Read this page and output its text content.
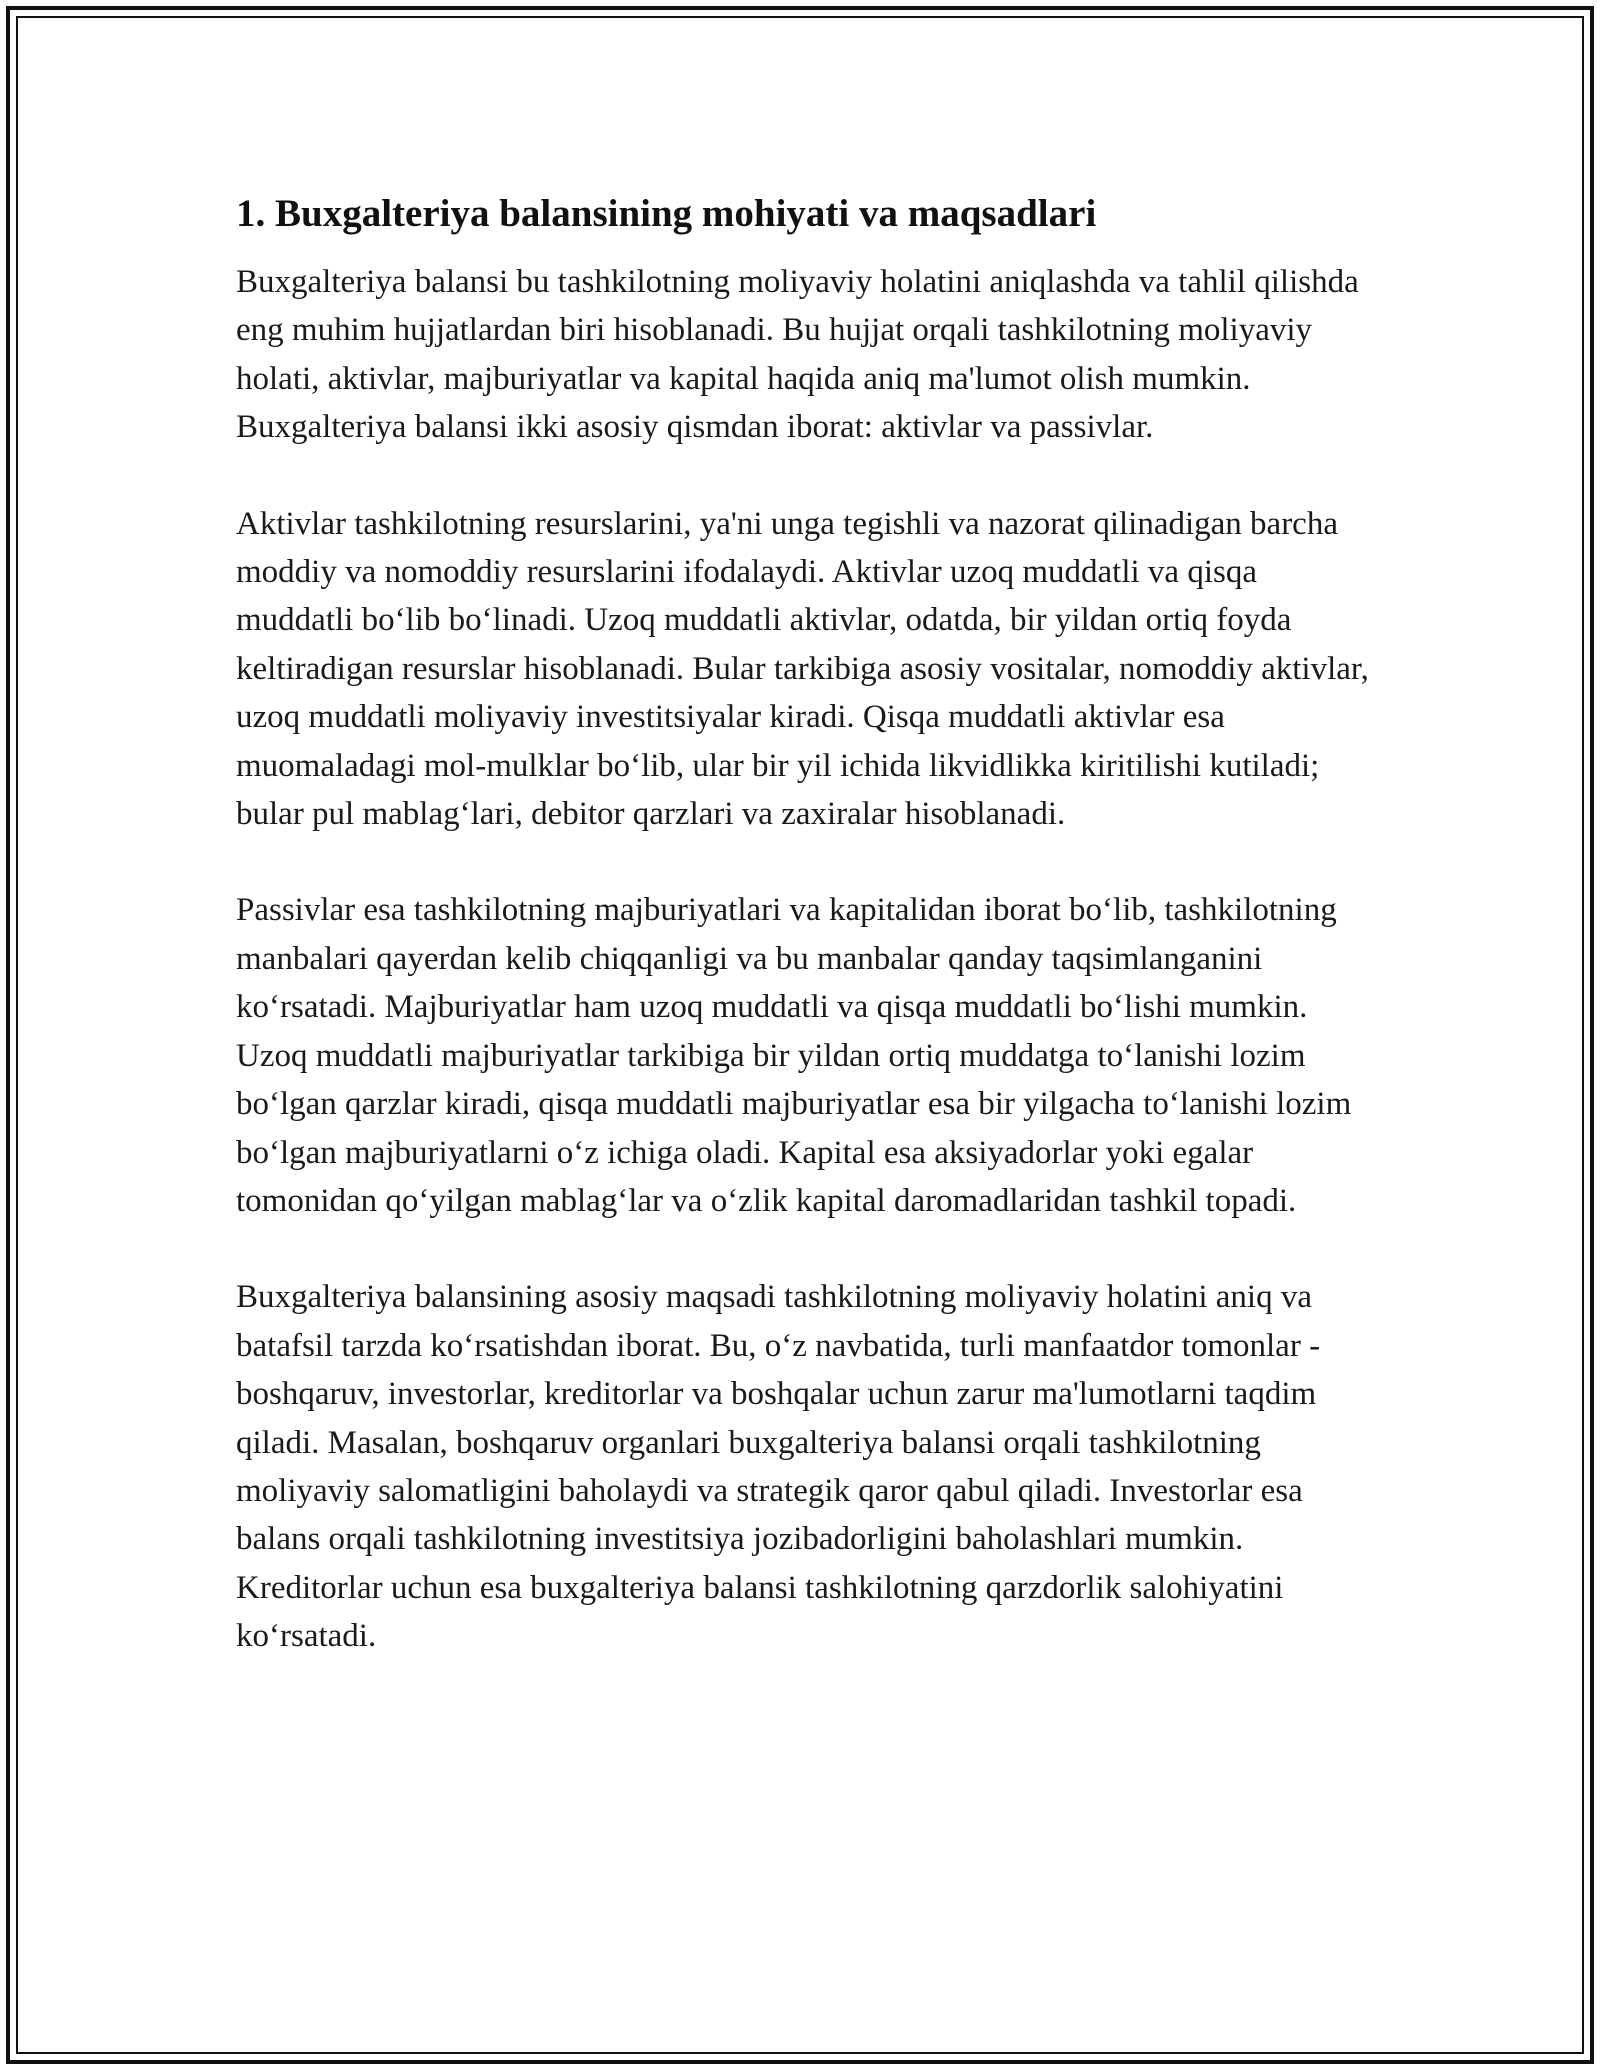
1. Buxgalteriya balansining mohiyati va maqsadlari

Buxgalteriya balansi bu tashkilotning moliyaviy holatini aniqlashda va tahlil qilishda eng muhim hujjatlardan biri hisoblanadi. Bu hujjat orqali tashkilotning moliyaviy holati, aktivlar, majburiyatlar va kapital haqida aniq ma'lumot olish mumkin. Buxgalteriya balansi ikki asosiy qismdan iborat: aktivlar va passivlar.

Aktivlar tashkilotning resurslarini, ya'ni unga tegishli va nazorat qilinadigan barcha moddiy va nomoddiy resurslarini ifodalaydi. Aktivlar uzoq muddatli va qisqa muddatli bo‘lib bo‘linadi. Uzoq muddatli aktivlar, odatda, bir yildan ortiq foyda keltiradigan resurslar hisoblanadi. Bular tarkibiga asosiy vositalar, nomoddiy aktivlar, uzoq muddatli moliyaviy investitsiyalar kiradi. Qisqa muddatli aktivlar esa muomaladagi mol-mulklar bo‘lib, ular bir yil ichida likvidlikka kiritilishi kutiladi; bular pul mablag‘lari, debitor qarzlari va zaxiralar hisoblanadi.

Passivlar esa tashkilotning majburiyatlari va kapitalidan iborat bo‘lib, tashkilotning manbalari qayerdan kelib chiqqanligi va bu manbalar qanday taqsimlanganini ko‘rsatadi. Majburiyatlar ham uzoq muddatli va qisqa muddatli bo‘lishi mumkin. Uzoq muddatli majburiyatlar tarkibiga bir yildan ortiq muddatga to‘lanishi lozim bo‘lgan qarzlar kiradi, qisqa muddatli majburiyatlar esa bir yilgacha to‘lanishi lozim bo‘lgan majburiyatlarni o‘z ichiga oladi. Kapital esa aksiyadorlar yoki egalar tomonidan qo‘yilgan mablag‘lar va o‘zlik kapital daromadlaridan tashkil topadi.

Buxgalteriya balansining asosiy maqsadi tashkilotning moliyaviy holatini aniq va batafsil tarzda ko‘rsatishdan iborat. Bu, o‘z navbatida, turli manfaatdor tomonlar - boshqaruv, investorlar, kreditorlar va boshqalar uchun zarur ma'lumotlarni taqdim qiladi. Masalan, boshqaruv organlari buxgalteriya balansi orqali tashkilotning moliyaviy salomatligini baholaydi va strategik qaror qabul qiladi. Investorlar esa balans orqali tashkilotning investitsiya jozibadorligini baholashlari mumkin. Kreditorlar uchun esa buxgalteriya balansi tashkilotning qarzdorlik salohiyatini ko‘rsatadi.
